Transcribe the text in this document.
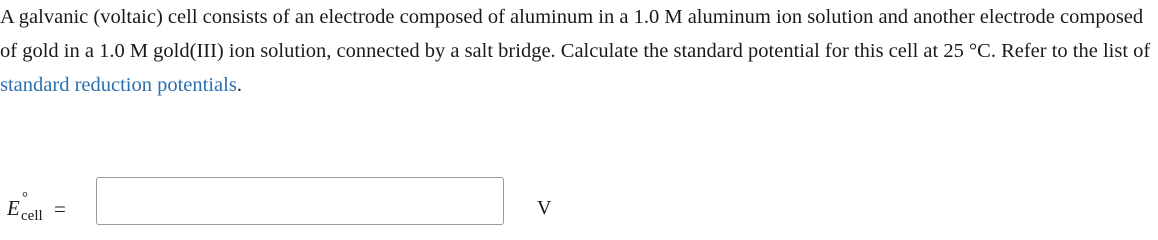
A galvanic (voltaic) cell consists of an electrode composed of aluminum in a 1.0 M aluminum ion solution and another electrode composed of gold in a 1.0 M gold(III) ion solution, connected by a salt bridge. Calculate the standard potential for this cell at 25 °C. Refer to the list of standard reduction potentials.

E °
cell =	V
